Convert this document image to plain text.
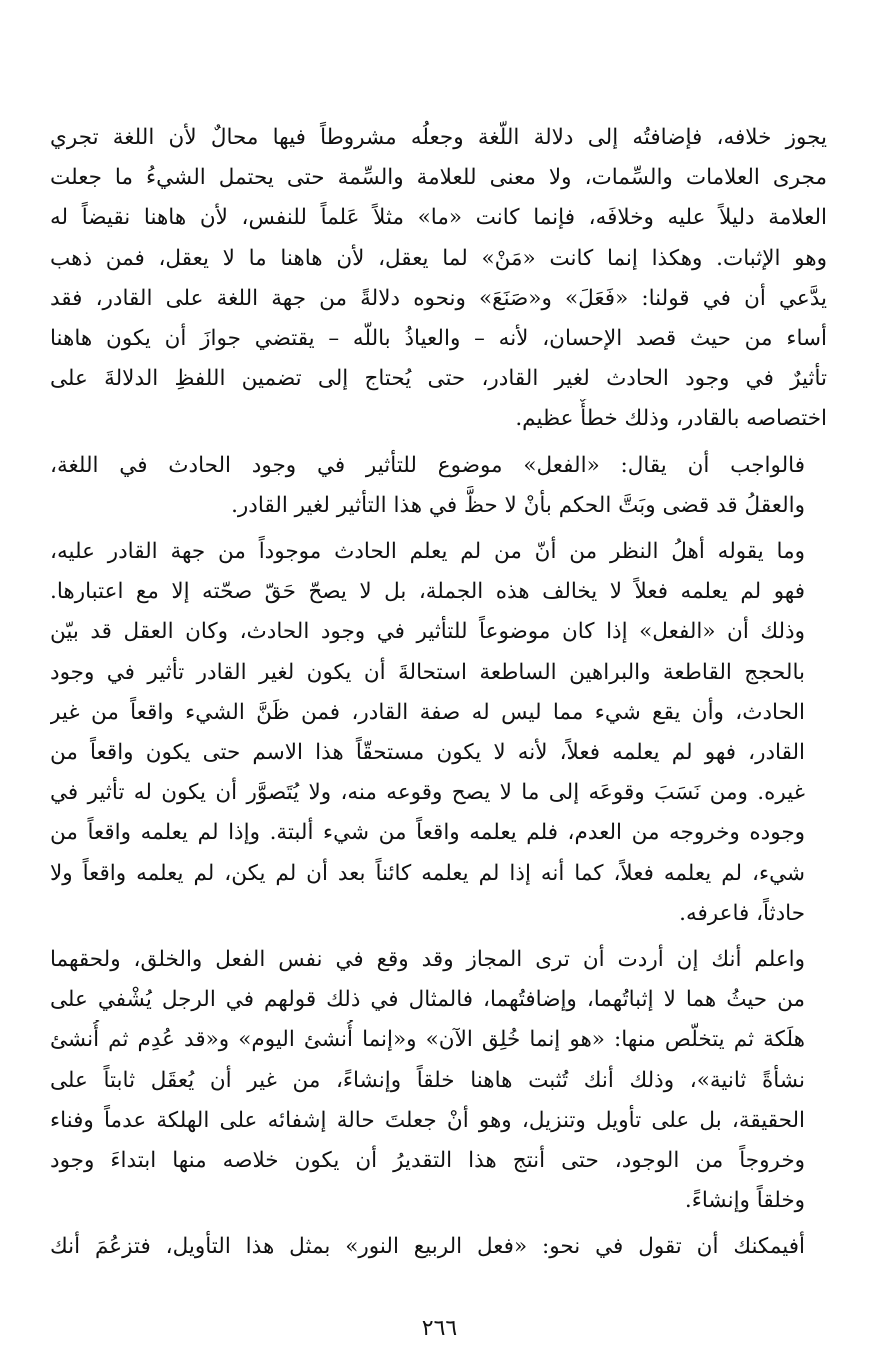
يجوز خلافه، فإضافتُه إلى دلالة اللّغة وجعلُه مشروطاً فيها محالٌ لأن اللغة تجري
مجرى العلامات والسِّمات، ولا معنى للعلامة والسِّمة حتى يحتمل الشيءُ ما جعلت
العلامة دليلاً عليه وخلافَه، فإنما كانت «ما» مثلاً عَلماً للنفس، لأن هاهنا نقيضاً له
وهو الإثبات. وهكذا إنما كانت «مَنْ» لما يعقل، لأن هاهنا ما لا يعقل، فمن ذهب
يدَّعي أن في قولنا: «فَعَلَ» و«صَنَعَ» ونحوه دلالةً من جهة اللغة على القادر، فقد
أساء من حيث قصد الإحسان، لأنه – والعياذُ باللّه – يقتضي جوازَ أن يكون هاهنا
تأثيرٌ في وجود الحادث لغير القادر، حتى يُحتاج إلى تضمين اللفظِ الدلالةَ على
اختصاصه بالقادر، وذلك خطأٌ عظيم.

فالواجب أن يقال: «الفعل» موضوع للتأثير في وجود الحادث في اللغة،
والعقلُ قد قضى وبَتَّ الحكم بأنْ لا حظَّ في هذا التأثير لغير القادر.

وما يقوله أهلُ النظر من أنّ من لم يعلم الحادث موجوداً من جهة القادر عليه،
فهو لم يعلمه فعلاً لا يخالف هذه الجملة، بل لا يصحّ حَقّ صحّته إلا مع اعتبارها.
وذلك أن «الفعل» إذا كان موضوعاً للتأثير في وجود الحادث، وكان العقل قد بيّن
بالحجج القاطعة والبراهين الساطعة استحالةَ أن يكون لغير القادر تأثير في وجود
الحادث، وأن يقع شيء مما ليس له صفة القادر، فمن ظَنَّ الشيء واقعاً من غير
القادر، فهو لم يعلمه فعلاً، لأنه لا يكون مستحقّاً هذا الاسم حتى يكون واقعاً من
غيره. ومن نَسَبَ وقوعَه إلى ما لا يصح وقوعه منه، ولا يُتَصوَّر أن يكون له تأثير في
وجوده وخروجه من العدم، فلم يعلمه واقعاً من شيء ألبتة. وإذا لم يعلمه واقعاً من
شيء، لم يعلمه فعلاً، كما أنه إذا لم يعلمه كائناً بعد أن لم يكن، لم يعلمه واقعاً ولا
حادثاً، فاعرفه.

واعلم أنك إن أردت أن ترى المجاز وقد وقع في نفس الفعل والخلق، ولحقهما
من حيثُ هما لا إثباتُهما، وإضافتُهما، فالمثال في ذلك قولهم في الرجل يُشْفي على
هلَكة ثم يتخلّص منها: «هو إنما خُلِق الآن» و«إنما أُنشئ اليوم» و«قد عُدِم ثم أُنشئ
نشأةً ثانية»، وذلك أنك تُثبت هاهنا خلقاً وإنشاءً، من غير أن يُعقَل ثابتاً على
الحقيقة، بل على تأويل وتنزيل، وهو أنْ جعلتَ حالة إشفائه على الهلكة عدماً وفناء
وخروجاً من الوجود، حتى أنتج هذا التقديرُ أن يكون خلاصه منها ابتداءَ وجود
وخلقاً وإنشاءً.

أفيمكنك أن تقول في نحو: «فعل الربيع النور» بمثل هذا التأويل، فتزعُمَ أنك

٢٦٦
